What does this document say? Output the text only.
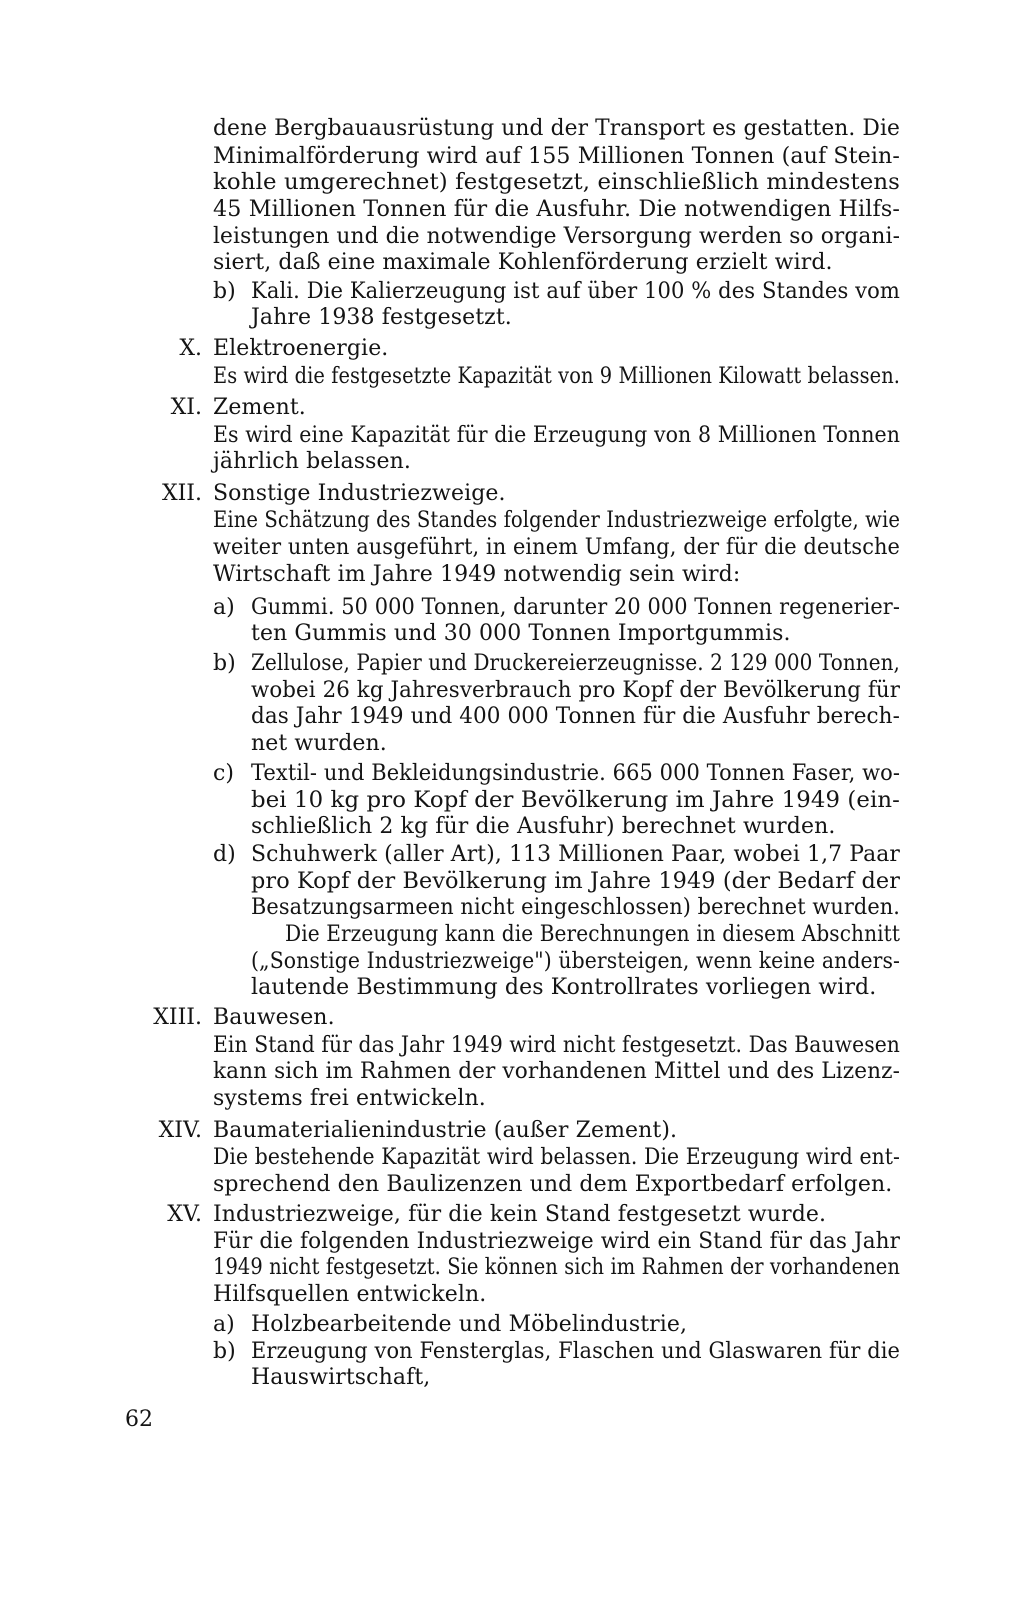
dene Bergbauausrüstung und der Transport es gestatten. Die
Minimalförderung wird auf 155 Millionen Tonnen (auf Stein-
kohle umgerechnet) festgesetzt, einschließlich mindestens
45 Millionen Tonnen für die Ausfuhr. Die notwendigen Hilfs-
leistungen und die notwendige Versorgung werden so organi-
siert, daß eine maximale Kohlenförderung erzielt wird.
Kali. Die Kalierzeugung ist auf über 100 % des Standes vom
Jahre 1938 festgesetzt.
Elektroenergie.
Es wird die festgesetzte Kapazität von 9 Millionen Kilowatt belassen.
Zement.
Es wird eine Kapazität für die Erzeugung von 8 Millionen Tonnen
jährlich belassen.
Sonstige Industriezweige.
Eine Schätzung des Standes folgender Industriezweige erfolgte, wie
weiter unten ausgeführt, in einem Umfang, der für die deutsche
Wirtschaft im Jahre 1949 notwendig sein wird:
Gummi. 50 000 Tonnen, darunter 20 000 Tonnen regenerier-
ten Gummis und 30 000 Tonnen Importgummis.
Zellulose, Papier und Druckereierzeugnisse. 2 129 000 Tonnen,
wobei 26 kg Jahresverbrauch pro Kopf der Bevölkerung für
das Jahr 1949 und 400 000 Tonnen für die Ausfuhr berech-
net wurden.
Textil- und Bekleidungsindustrie. 665 000 Tonnen Faser, wo-
bei 10 kg pro Kopf der Bevölkerung im Jahre 1949 (ein-
schließlich 2 kg für die Ausfuhr) berechnet wurden.
Schuhwerk (aller Art), 113 Millionen Paar, wobei 1,7 Paar
pro Kopf der Bevölkerung im Jahre 1949 (der Bedarf der
Besatzungsarmeen nicht eingeschlossen) berechnet wurden.
Die Erzeugung kann die Berechnungen in diesem Abschnitt
(„Sonstige Industriezweige") übersteigen, wenn keine anders-
lautende Bestimmung des Kontrollrates vorliegen wird.
Bauwesen.
Ein Stand für das Jahr 1949 wird nicht festgesetzt. Das Bauwesen
kann sich im Rahmen der vorhandenen Mittel und des Lizenz-
systems frei entwickeln.
Baumaterialienindustrie (außer Zement).
Die bestehende Kapazität wird belassen. Die Erzeugung wird ent-
sprechend den Baulizenzen und dem Exportbedarf erfolgen.
Industriezweige, für die kein Stand festgesetzt wurde.
Für die folgenden Industriezweige wird ein Stand für das Jahr
1949 nicht festgesetzt. Sie können sich im Rahmen der vorhandenen
Hilfsquellen entwickeln.
Holzbearbeitende und Möbelindustrie,
Erzeugung von Fensterglas, Flaschen und Glaswaren für die
Hauswirtschaft,
X.
XI.
XII.
XIII.
XIV.
XV.
b)
a)
b)
c)
d)
a)
b)
62
